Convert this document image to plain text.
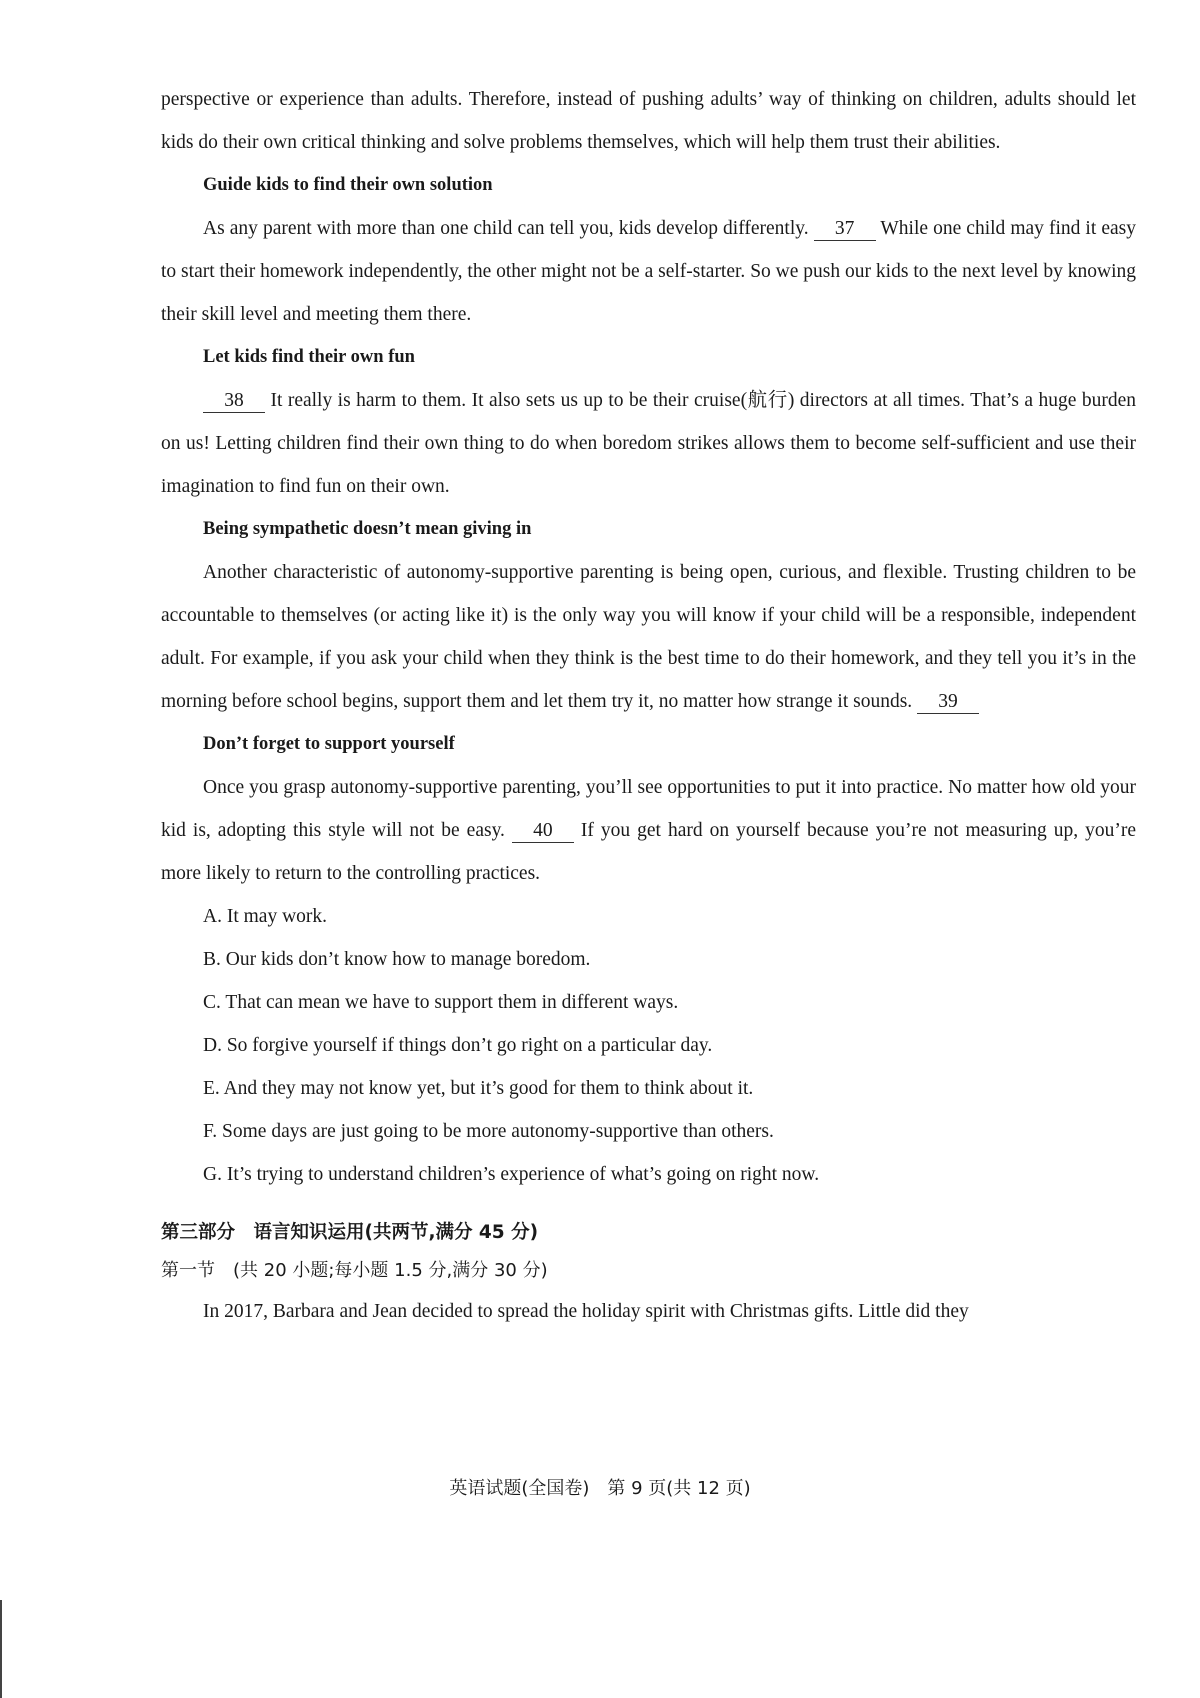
perspective or experience than adults. Therefore, instead of pushing adults’ way of thinking on children, adults should let kids do their own critical thinking and solve problems themselves, which will help them trust their abilities.

Guide kids to find their own solution

As any parent with more than one child can tell you, kids develop differently. 37 While one child may find it easy to start their homework independently, the other might not be a self-starter. So we push our kids to the next level by knowing their skill level and meeting them there.

Let kids find their own fun

38 It really is harm to them. It also sets us up to be their cruise(航行) directors at all times. That’s a huge burden on us! Letting children find their own thing to do when boredom strikes allows them to become self-sufficient and use their imagination to find fun on their own.

Being sympathetic doesn’t mean giving in

Another characteristic of autonomy-supportive parenting is being open, curious, and flexible. Trusting children to be accountable to themselves (or acting like it) is the only way you will know if your child will be a responsible, independent adult. For example, if you ask your child when they think is the best time to do their homework, and they tell you it’s in the morning before school begins, support them and let them try it, no matter how strange it sounds. 39

Don’t forget to support yourself

Once you grasp autonomy-supportive parenting, you’ll see opportunities to put it into practice. No matter how old your kid is, adopting this style will not be easy. 40 If you get hard on yourself because you’re not measuring up, you’re more likely to return to the controlling practices.

A. It may work.
B. Our kids don’t know how to manage boredom.
C. That can mean we have to support them in different ways.
D. So forgive yourself if things don’t go right on a particular day.
E. And they may not know yet, but it’s good for them to think about it.
F. Some days are just going to be more autonomy-supportive than others.
G. It’s trying to understand children’s experience of what’s going on right now.
第三部分　语言知识运用(共两节,满分 45 分)
第一节　(共 20 小题;每小题 1.5 分,满分 30 分)

In 2017, Barbara and Jean decided to spread the holiday spirit with Christmas gifts. Little did they

英语试题(全国卷)　第 9 页(共 12 页)
